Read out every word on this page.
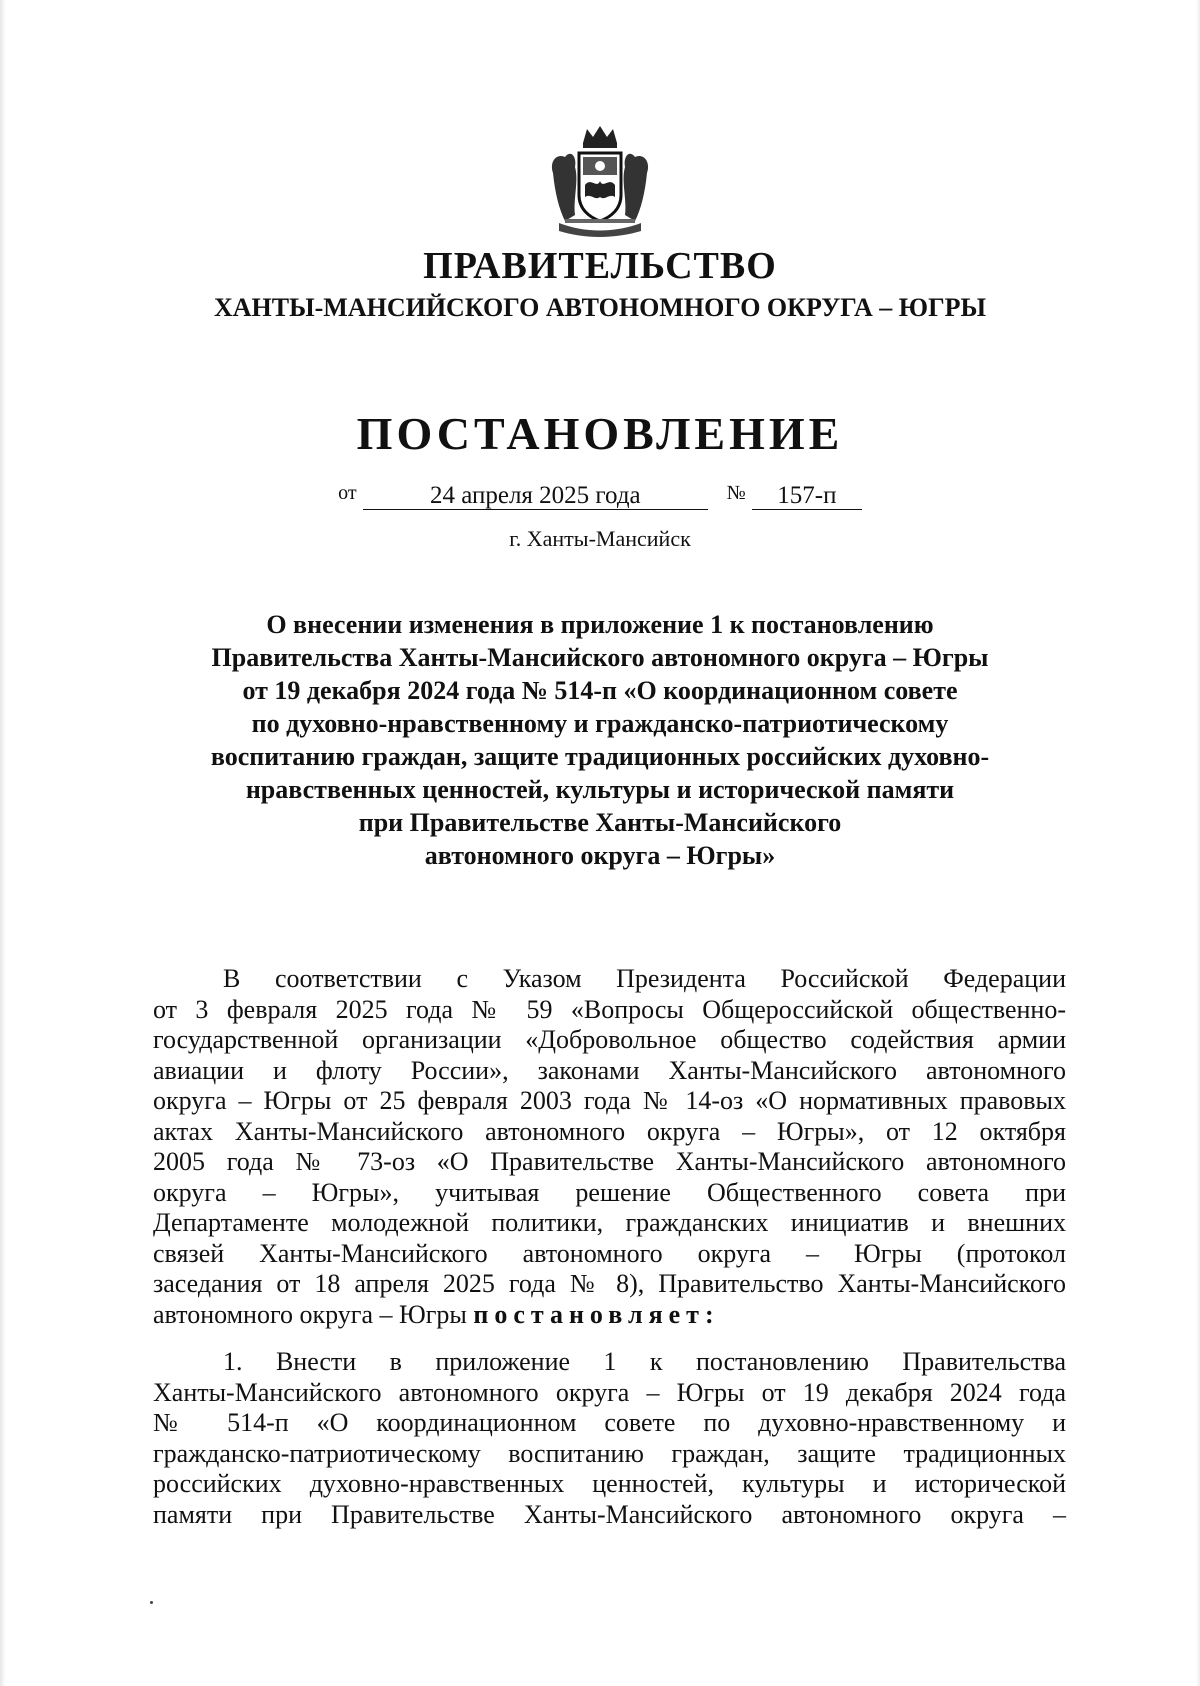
ПРАВИТЕЛЬСТВО
ХАНТЫ-МАНСИЙСКОГО АВТОНОМНОГО ОКРУГА – ЮГРЫ
ПОСТАНОВЛЕНИЕ
от	24 апреля 2025 года	№ 157-п
г. Ханты-Мансийск
О внесении изменения в приложение 1 к постановлению
Правительства Ханты-Мансийского автономного округа – Югры
от 19 декабря 2024 года № 514-п «О координационном совете
по духовно-нравственному и гражданско-патриотическому
воспитанию граждан, защите традиционных российских духовно-
нравственных ценностей, культуры и исторической памяти
при Правительстве Ханты-Мансийского
автономного округа – Югры»
В соответствии с Указом Президента Российской Федерации
от 3 февраля 2025 года № 59 «Вопросы Общероссийской общественно-
государственной организации «Добровольное общество содействия армии
авиации и флоту России», законами Ханты-Мансийского автономного
округа – Югры от 25 февраля 2003 года № 14-оз «О нормативных правовых
актах Ханты-Мансийского автономного округа – Югры», от 12 октября
2005 года № 73-оз «О Правительстве Ханты-Мансийского автономного
округа – Югры», учитывая решение Общественного совета при
Департаменте молодежной политики, гражданских инициатив и внешних
связей Ханты-Мансийского автономного округа – Югры (протокол
заседания от 18 апреля 2025 года № 8), Правительство Ханты-Мансийского
автономного округа – Югры постановляет:
1. Внести в приложение 1 к постановлению Правительства
Ханты-Мансийского автономного округа – Югры от 19 декабря 2024 года
№ 514-п «О координационном совете по духовно-нравственному и
гражданско-патриотическому воспитанию граждан, защите традиционных
российских духовно-нравственных ценностей, культуры и исторической
памяти при Правительстве Ханты-Мансийского автономного округа –
